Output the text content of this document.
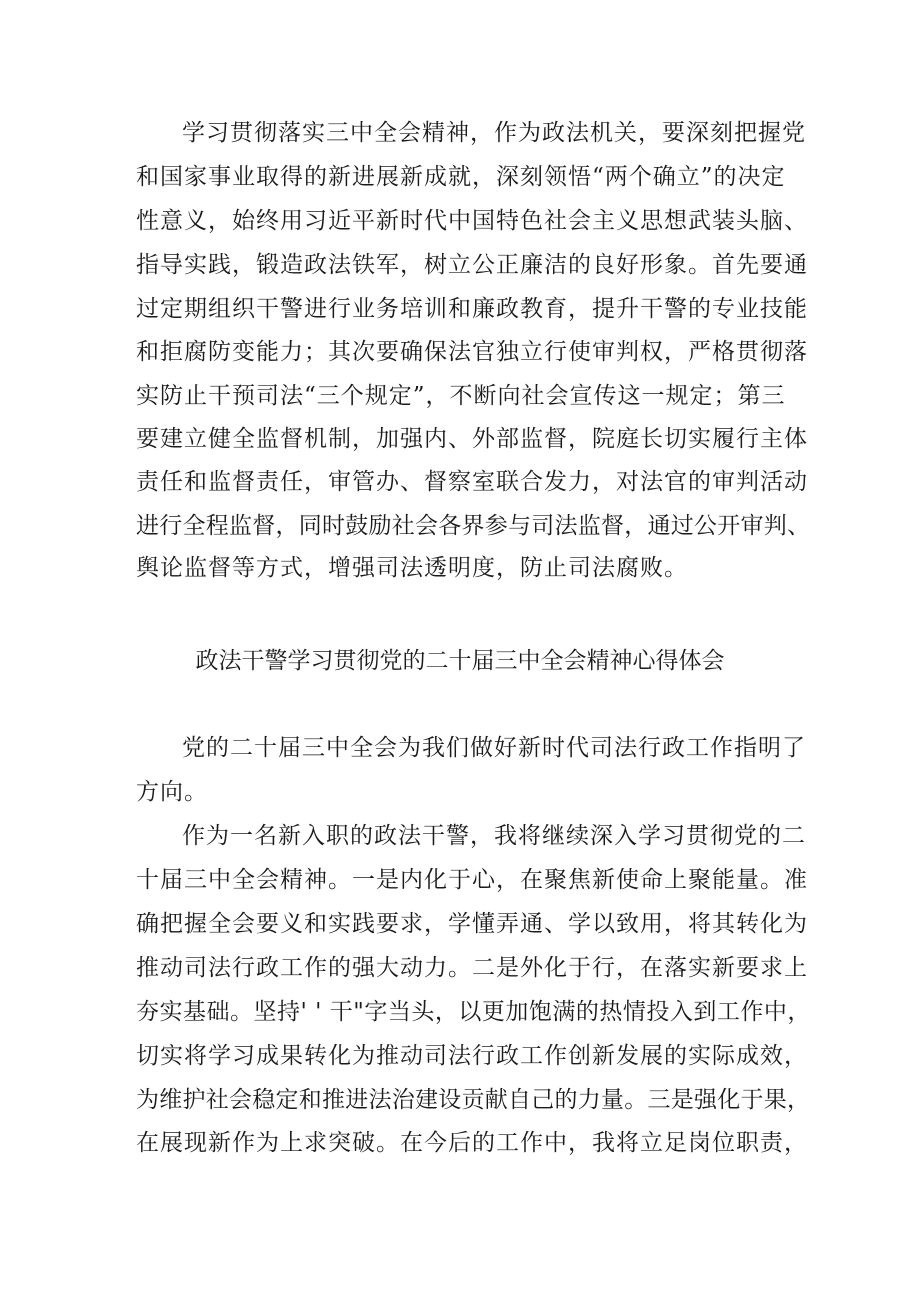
学习贯彻落实三中全会精神，作为政法机关，要深刻把握党
和国家事业取得的新进展新成就，深刻领悟“两个确立”的决定
性意义，始终用习近平新时代中国特色社会主义思想武装头脑、
指导实践，锻造政法铁军，树立公正廉洁的良好形象。首先要通
过定期组织干警进行业务培训和廉政教育，提升干警的专业技能
和拒腐防变能力；其次要确保法官独立行使审判权，严格贯彻落
实防止干预司法“三个规定”，不断向社会宣传这一规定；第三
要建立健全监督机制，加强内、外部监督，院庭长切实履行主体
责任和监督责任，审管办、督察室联合发力，对法官的审判活动
进行全程监督，同时鼓励社会各界参与司法监督，通过公开审判、
舆论监督等方式，增强司法透明度，防止司法腐败。
政法干警学习贯彻党的二十届三中全会精神心得体会
党的二十届三中全会为我们做好新时代司法行政工作指明了
方向。
作为一名新入职的政法干警，我将继续深入学习贯彻党的二
十届三中全会精神。一是内化于心，在聚焦新使命上聚能量。准
确把握全会要义和实践要求，学懂弄通、学以致用，将其转化为
推动司法行政工作的强大动力。二是外化于行，在落实新要求上
夯实基础。坚持' ' 干"字当头，以更加饱满的热情投入到工作中，
切实将学习成果转化为推动司法行政工作创新发展的实际成效，
为维护社会稳定和推进法治建设贡献自己的力量。三是强化于果，
在展现新作为上求突破。在今后的工作中，我将立足岗位职责，
